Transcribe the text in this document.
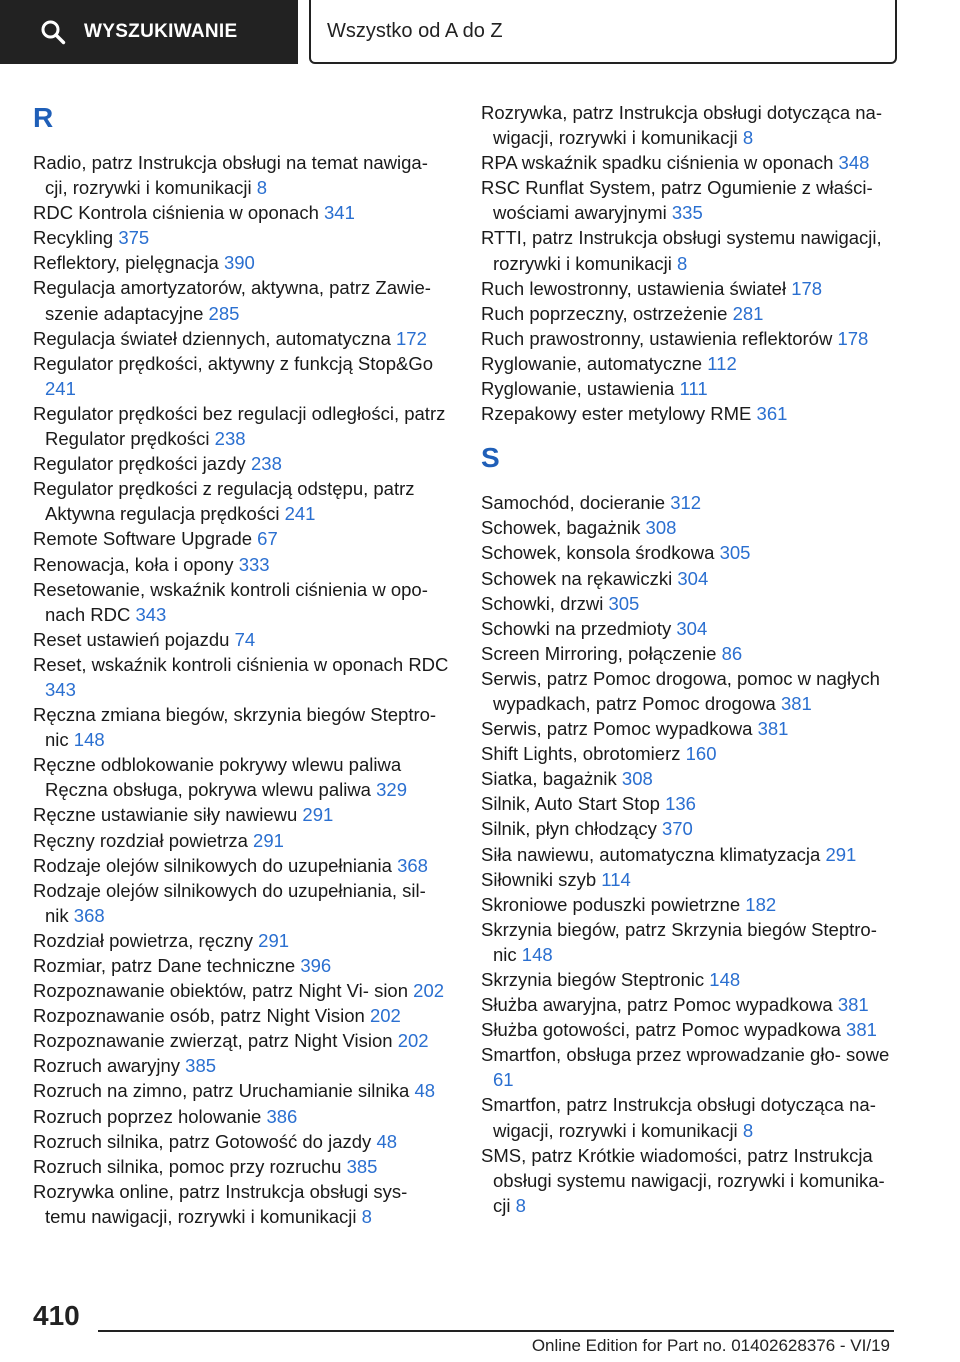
WYSZUKIWANIE	Wszystko od A do Z
R
Radio, patrz Instrukcja obsługi na temat nawiga- cji, rozrywki i komunikacji 8
RDC Kontrola ciśnienia w oponach 341
Recykling 375
Reflektory, pielęgnacja 390
Regulacja amortyzatorów, aktywna, patrz Zawie- szenie adaptacyjne 285
Regulacja świateł dziennych, automatyczna 172
Regulator prędkości, aktywny z funkcją Stop&Go 241
Regulator prędkości bez regulacji odległości, patrz Regulator prędkości 238
Regulator prędkości jazdy 238
Regulator prędkości z regulacją odstępu, patrz Aktywna regulacja prędkości 241
Remote Software Upgrade 67
Renowacja, koła i opony 333
Resetowanie, wskaźnik kontroli ciśnienia w opo- nach RDC 343
Reset ustawień pojazdu 74
Reset, wskaźnik kontroli ciśnienia w oponach RDC 343
Ręczna zmiana biegów, skrzynia biegów Steptro- nic 148
Ręczne odblokowanie pokrywy wlewu paliwa Ręczna obsługa, pokrywa wlewu paliwa 329
Ręczne ustawianie siły nawiewu 291
Ręczny rozdział powietrza 291
Rodzaje olejów silnikowych do uzupełniania 368
Rodzaje olejów silnikowych do uzupełniania, sil- nik 368
Rozdział powietrza, ręczny 291
Rozmiar, patrz Dane techniczne 396
Rozpoznawanie obiektów, patrz Night Vi- sion 202
Rozpoznawanie osób, patrz Night Vision 202
Rozpoznawanie zwierząt, patrz Night Vision 202
Rozruch awaryjny 385
Rozruch na zimno, patrz Uruchamianie silnika 48
Rozruch poprzez holowanie 386
Rozruch silnika, patrz Gotowość do jazdy 48
Rozruch silnika, pomoc przy rozruchu 385
Rozrywka online, patrz Instrukcja obsługi sys- temu nawigacji, rozrywki i komunikacji 8
Rozrywka, patrz Instrukcja obsługi dotycząca na- wigacji, rozrywki i komunikacji 8
RPA wskaźnik spadku ciśnienia w oponach 348
RSC Runflat System, patrz Ogumienie z właści- wościami awaryjnymi 335
RTTI, patrz Instrukcja obsługi systemu nawigacji, rozrywki i komunikacji 8
Ruch lewostronny, ustawienia świateł 178
Ruch poprzeczny, ostrzeżenie 281
Ruch prawostronny, ustawienia reflektorów 178
Ryglowanie, automatyczne 112
Ryglowanie, ustawienia 111
Rzepakowy ester metylowy RME 361
S
Samochód, docieranie 312
Schowek, bagażnik 308
Schowek, konsola środkowa 305
Schowek na rękawiczki 304
Schowki, drzwi 305
Schowki na przedmioty 304
Screen Mirroring, połączenie 86
Serwis, patrz Pomoc drogowa, pomoc w nagłych wypadkach, patrz Pomoc drogowa 381
Serwis, patrz Pomoc wypadkowa 381
Shift Lights, obrotomierz 160
Siatka, bagażnik 308
Silnik, Auto Start Stop 136
Silnik, płyn chłodzący 370
Siła nawiewu, automatyczna klimatyzacja 291
Siłowniki szyb 114
Skroniowe poduszki powietrzne 182
Skrzynia biegów, patrz Skrzynia biegów Steptro- nic 148
Skrzynia biegów Steptronic 148
Służba awaryjna, patrz Pomoc wypadkowa 381
Służba gotowości, patrz Pomoc wypadkowa 381
Smartfon, obsługa przez wprowadzanie gło- sowe 61
Smartfon, patrz Instrukcja obsługi dotycząca na- wigacji, rozrywki i komunikacji 8
SMS, patrz Krótkie wiadomości, patrz Instrukcja obsługi systemu nawigacji, rozrywki i komunika- cji 8
410
Online Edition for Part no. 01402628376 - VI/19
